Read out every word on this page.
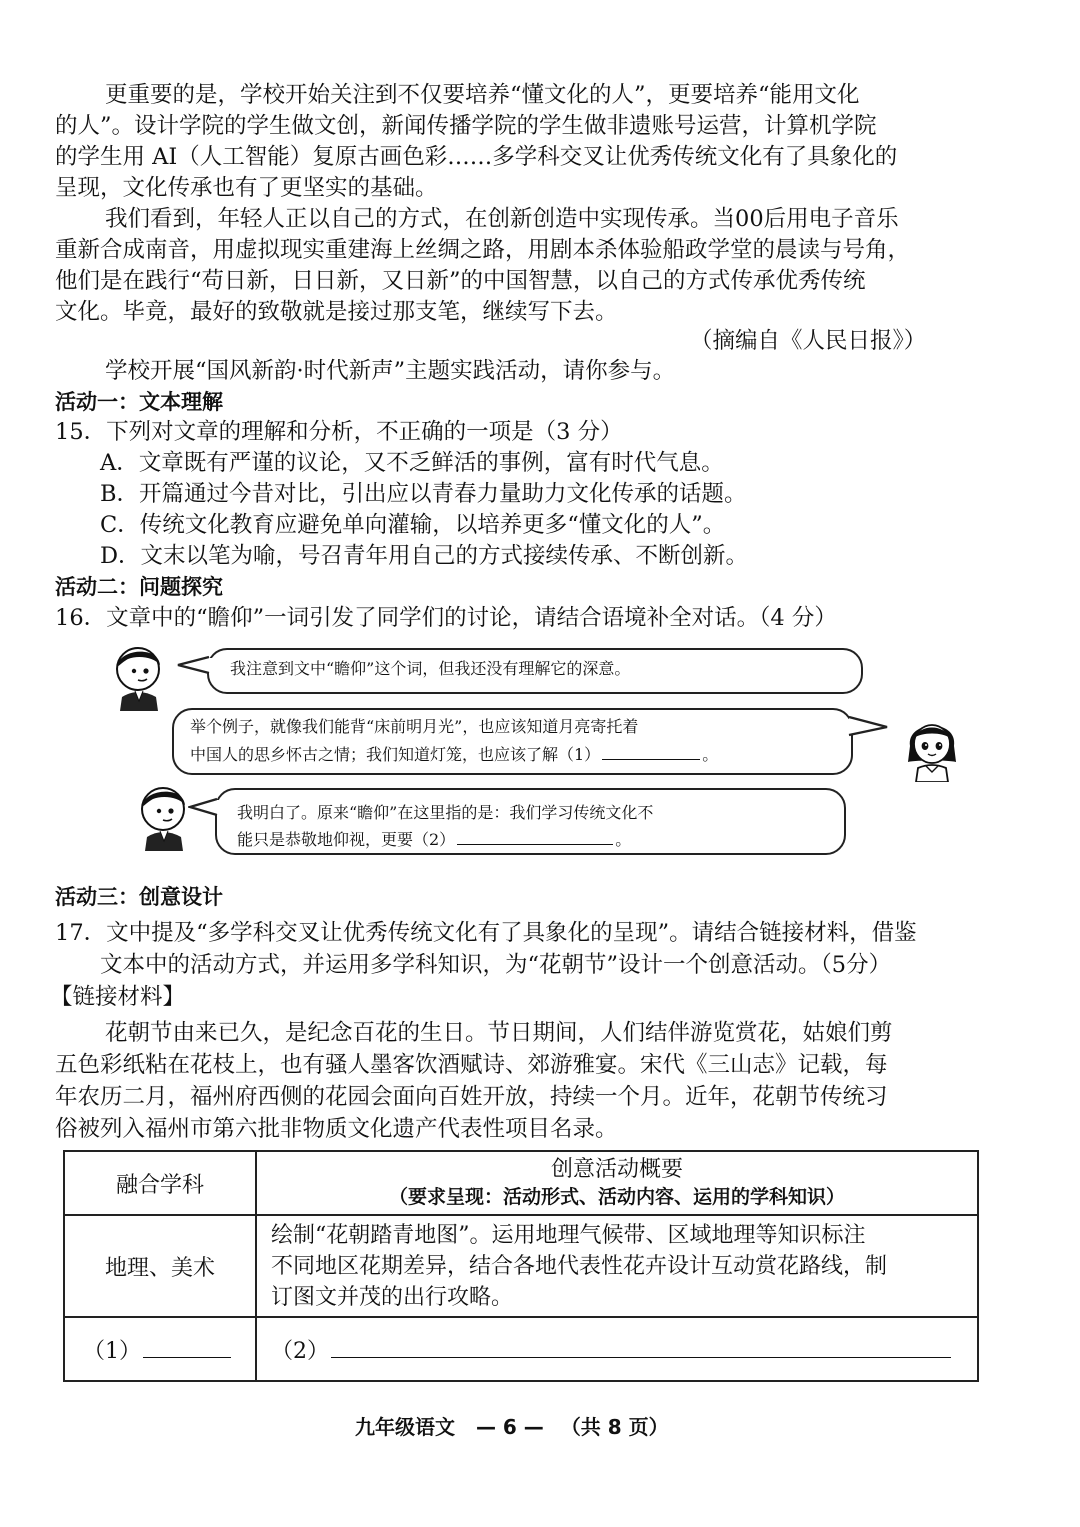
更重要的是，学校开始关注到不仅要培养“懂文化的人”，更要培养“能用文化
的人”。设计学院的学生做文创，新闻传播学院的学生做非遗账号运营，计算机学院
的学生用 AI（人工智能）复原古画色彩……多学科交叉让优秀传统文化有了具象化的
呈现，文化传承也有了更坚实的基础。
我们看到，年轻人正以自己的方式，在创新创造中实现传承。当00后用电子音乐
重新合成南音，用虚拟现实重建海上丝绸之路，用剧本杀体验船政学堂的晨读与号角，
他们是在践行“苟日新，日日新，又日新”的中国智慧，以自己的方式传承优秀传统
文化。毕竟，最好的致敬就是接过那支笔，继续写下去。
（摘编自《人民日报》）
学校开展“国风新韵·时代新声”主题实践活动，请你参与。
活动一：文本理解
15．下列对文章的理解和分析，不正确的一项是（3 分）
A．文章既有严谨的议论，又不乏鲜活的事例，富有时代气息。
B．开篇通过今昔对比，引出应以青春力量助力文化传承的话题。
C．传统文化教育应避免单向灌输，以培养更多“懂文化的人”。
D．文末以笔为喻，号召青年用自己的方式接续传承、不断创新。
活动二：问题探究
16．文章中的“瞻仰”一词引发了同学们的讨论，请结合语境补全对话。（4 分）
我注意到文中“瞻仰”这个词，但我还没有理解它的深意。
举个例子，就像我们能背“床前明月光”，也应该知道月亮寄托着
中国人的思乡怀古之情；我们知道灯笼，也应该了解（1）	。
我明白了。原来“瞻仰”在这里指的是：我们学习传统文化不
能只是恭敬地仰视，更要（2）	。
活动三：创意设计
17．文中提及“多学科交叉让优秀传统文化有了具象化的呈现”。请结合链接材料，借鉴
文本中的活动方式，并运用多学科知识，为“花朝节”设计一个创意活动。（5分）
【链接材料】
花朝节由来已久，是纪念百花的生日。节日期间，人们结伴游览赏花，姑娘们剪
五色彩纸粘在花枝上，也有骚人墨客饮酒赋诗、郊游雅宴。宋代《三山志》记载，每
年农历二月，福州府西侧的花园会面向百姓开放，持续一个月。近年，花朝节传统习
俗被列入福州市第六批非物质文化遗产代表性项目名录。
融合学科	创意活动概要
（要求呈现：活动形式、活动内容、运用的学科知识）

地理、美术	绘制“花朝踏青地图”。运用地理气候带、区域地理等知识标注
不同地区花期差异，结合各地代表性花卉设计互动赏花路线，制
订图文并茂的出行攻略。

（1）	（2）
九年级语文 — 6 — （共 8 页）
